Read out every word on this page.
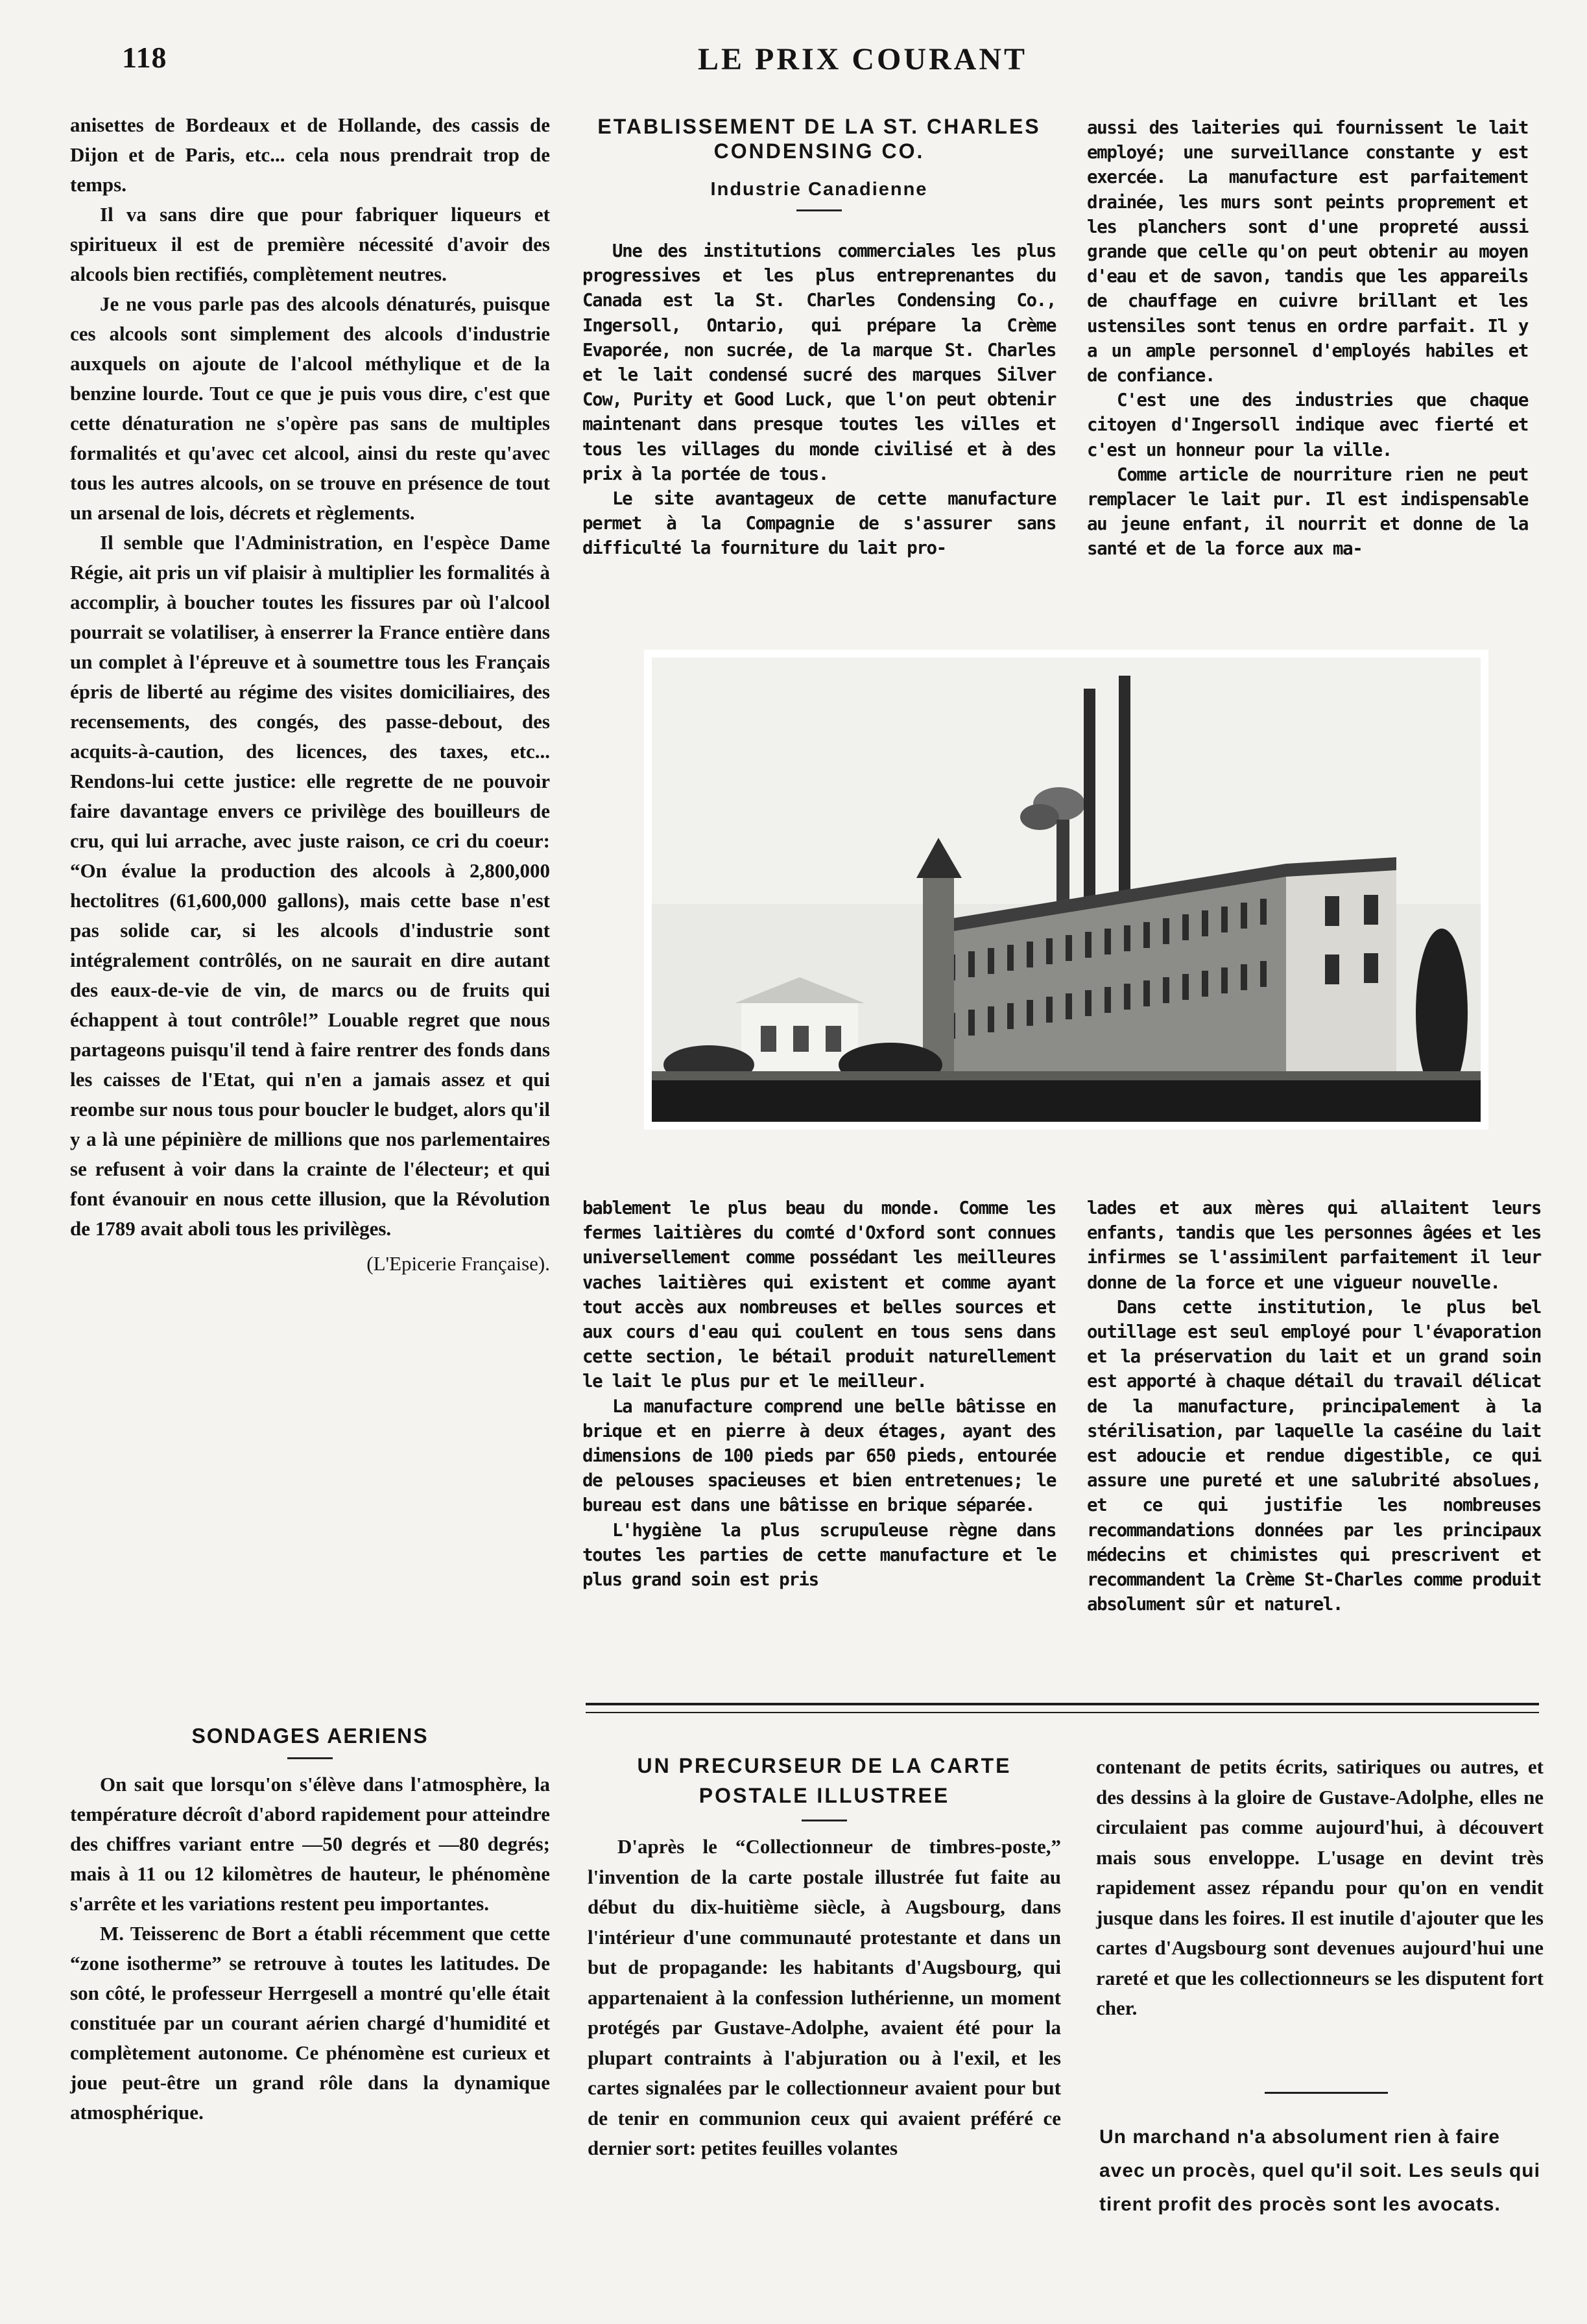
118	LE PRIX COURANT

anisettes de Bordeaux et de Hollande, des cassis de Dijon et de Paris, etc... cela nous prendrait trop de temps.

Il va sans dire que pour fabriquer liqueurs et spiritueux il est de première nécessité d'avoir des alcools bien rectifiés, complètement neutres.

Je ne vous parle pas des alcools dénaturés, puisque ces alcools sont simplement des alcools d'industrie auxquels on ajoute de l'alcool méthylique et de la benzine lourde. Tout ce que je puis vous dire, c'est que cette dénaturation ne s'opère pas sans de multiples formalités et qu'avec cet alcool, ainsi du reste qu'avec tous les autres alcools, on se trouve en présence de tout un arsenal de lois, décrets et règlements.

Il semble que l'Administration, en l'espèce Dame Régie, ait pris un vif plaisir à multiplier les formalités à accomplir, à boucher toutes les fissures par où l'alcool pourrait se volatiliser, à enserrer la France entière dans un complet à l'épreuve et à soumettre tous les Français épris de liberté au régime des visites domiciliaires, des recensements, des congés, des passe-debout, des acquits-à-caution, des licences, des taxes, etc... Rendons-lui cette justice: elle regrette de ne pouvoir faire davantage envers ce privilège des bouilleurs de cru, qui lui arrache, avec juste raison, ce cri du coeur: “On évalue la production des alcools à 2,800,000 hectolitres (61,600,000 gallons), mais cette base n'est pas solide car, si les alcools d'industrie sont intégralement contrôlés, on ne saurait en dire autant des eaux-de-vie de vin, de marcs ou de fruits qui échappent à tout contrôle!” Louable regret que nous partageons puisqu'il tend à faire rentrer des fonds dans les caisses de l'Etat, qui n'en a jamais assez et qui reombe sur nous tous pour boucler le budget, alors qu'il y a là une pépinière de millions que nos parlementaires se refusent à voir dans la crainte de l'électeur; et qui font évanouir en nous cette illusion, que la Révolution de 1789 avait aboli tous les privilèges.

(L'Epicerie Française).
ETABLISSEMENT DE LA ST. CHARLES CONDENSING CO.
Industrie Canadienne

Une des institutions commerciales les plus progressives et les plus entreprenantes du Canada est la St. Charles Condensing Co., Ingersoll, Ontario, qui prépare la Crème Evaporée, non sucrée, de la marque St. Charles et le lait condensé sucré des marques Silver Cow, Purity et Good Luck, que l'on peut obtenir maintenant dans presque toutes les villes et tous les villages du monde civilisé et à des prix à la portée de tous.

Le site avantageux de cette manufacture permet à la Compagnie de s'assurer sans difficulté la fourniture du lait pro-

aussi des laiteries qui fournissent le lait employé; une surveillance constante y est exercée. La manufacture est parfaitement drainée, les murs sont peints proprement et les planchers sont d'une propreté aussi grande que celle qu'on peut obtenir au moyen d'eau et de savon, tandis que les appareils de chauffage en cuivre brillant et les ustensiles sont tenus en ordre parfait. Il y a un ample personnel d'employés habiles et de confiance.

C'est une des industries que chaque citoyen d'Ingersoll indique avec fierté et c'est un honneur pour la ville.

Comme article de nourriture rien ne peut remplacer le lait pur. Il est indispensable au jeune enfant, il nourrit et donne de la santé et de la force aux ma-

bablement le plus beau du monde. Comme les fermes laitières du comté d'Oxford sont connues universellement comme possédant les meilleures vaches laitières qui existent et comme ayant tout accès aux nombreuses et belles sources et aux cours d'eau qui coulent en tous sens dans cette section, le bétail produit naturellement le lait le plus pur et le meilleur.

La manufacture comprend une belle bâtisse en brique et en pierre à deux étages, ayant des dimensions de 100 pieds par 650 pieds, entourée de pelouses spacieuses et bien entretenues; le bureau est dans une bâtisse en brique séparée.

L'hygiène la plus scrupuleuse règne dans toutes les parties de cette manufacture et le plus grand soin est pris

lades et aux mères qui allaitent leurs enfants, tandis que les personnes âgées et les infirmes se l'assimilent parfaitement il leur donne de la force et une vigueur nouvelle.

Dans cette institution, le plus bel outillage est seul employé pour l'évaporation et la préservation du lait et un grand soin est apporté à chaque détail du travail délicat de la manufacture, principalement à la stérilisation, par laquelle la caséine du lait est adoucie et rendue digestible, ce qui assure une pureté et une salubrité absolues, et ce qui justifie les nombreuses recommandations données par les principaux médecins et chimistes qui prescrivent et recommandent la Crème St-Charles comme produit absolument sûr et naturel.

SONDAGES AERIENS

On sait que lorsqu'on s'élève dans l'atmosphère, la température décroît d'abord rapidement pour atteindre des chiffres variant entre —50 degrés et —80 degrés; mais à 11 ou 12 kilomètres de hauteur, le phénomène s'arrête et les variations restent peu importantes.

M. Teisserenc de Bort a établi récemment que cette “zone isotherme” se retrouve à toutes les latitudes. De son côté, le professeur Herrgesell a montré qu'elle était constituée par un courant aérien chargé d'humidité et complètement autonome. Ce phénomène est curieux et joue peut-être un grand rôle dans la dynamique atmosphérique.

UN PRECURSEUR DE LA CARTE POSTALE ILLUSTREE

D'après le “Collectionneur de timbres-poste,” l'invention de la carte postale illustrée fut faite au début du dix-huitième siècle, à Augsbourg, dans l'intérieur d'une communauté protestante et dans un but de propagande: les habitants d'Augsbourg, qui appartenaient à la confession luthérienne, un moment protégés par Gustave-Adolphe, avaient été pour la plupart contraints à l'abjuration ou à l'exil, et les cartes signalées par le collectionneur avaient pour but de tenir en communion ceux qui avaient préféré ce dernier sort: petites feuilles volantes

contenant de petits écrits, satiriques ou autres, et des dessins à la gloire de Gustave-Adolphe, elles ne circulaient pas comme aujourd'hui, à découvert mais sous enveloppe. L'usage en devint très rapidement assez répandu pour qu'on en vendit jusque dans les foires. Il est inutile d'ajouter que les cartes d'Augsbourg sont devenues aujourd'hui une rareté et que les collectionneurs se les disputent fort cher.

Un marchand n'a absolument rien à faire avec un procès, quel qu'il soit. Les seuls qui tirent profit des procès sont les avocats.
